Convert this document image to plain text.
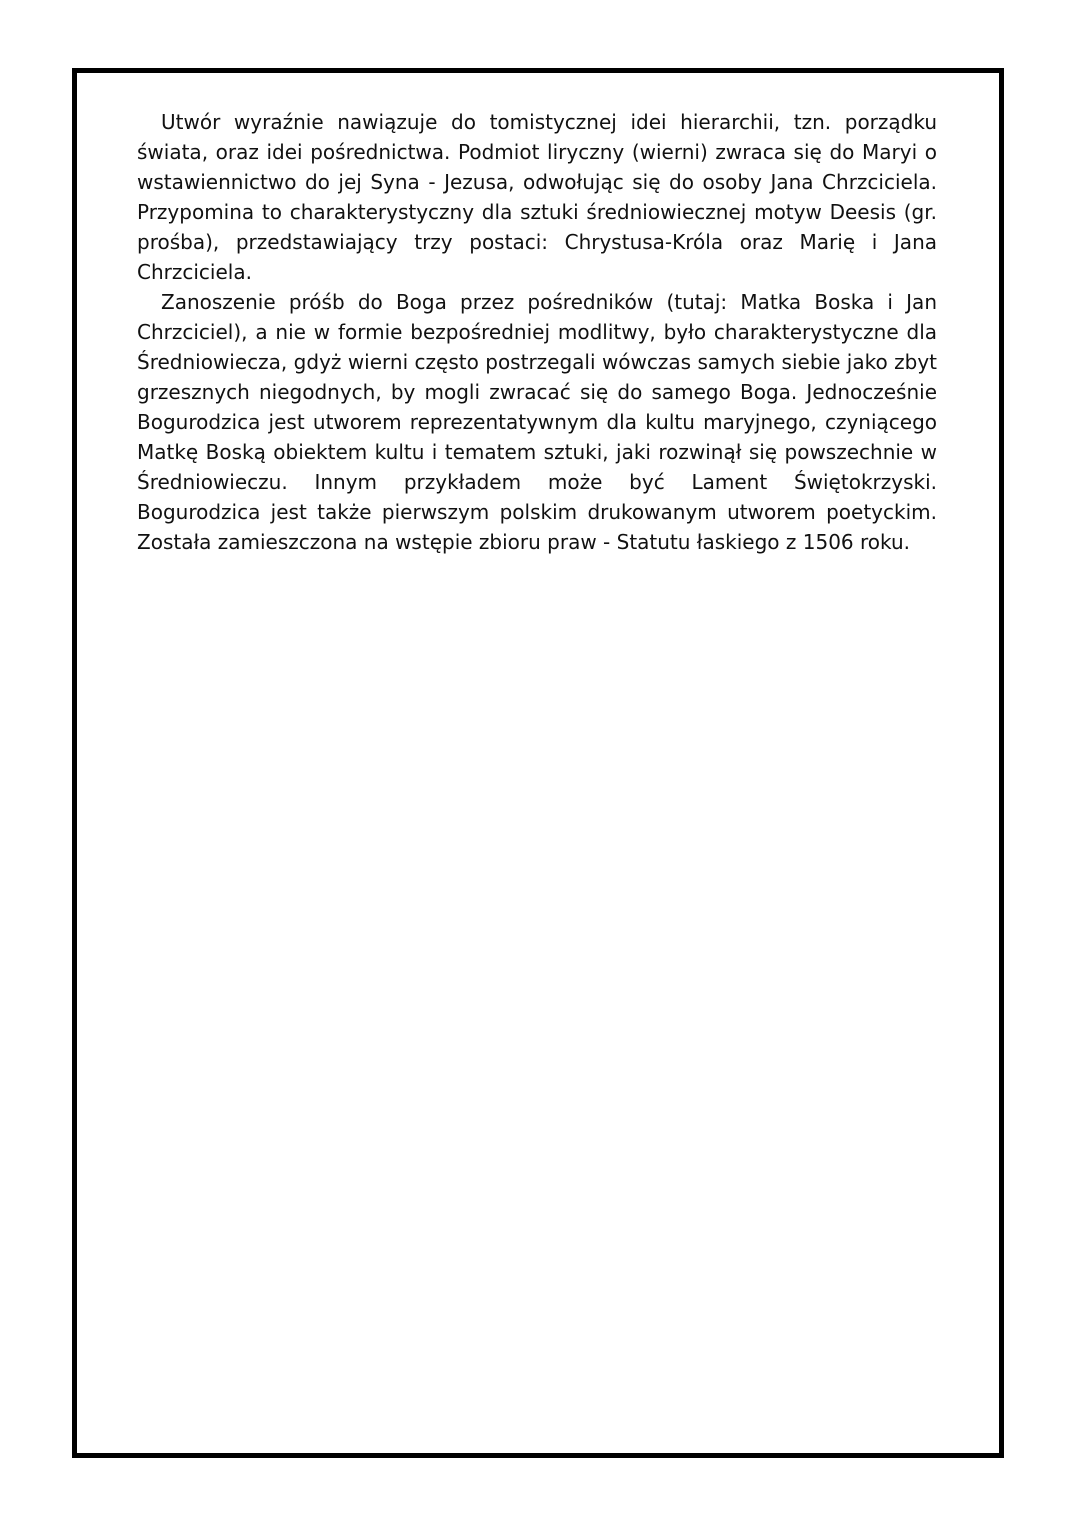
Utwór wyraźnie nawiązuje do tomistycznej idei hierarchii, tzn. porządku świata, oraz idei pośrednictwa. Podmiot liryczny (wierni) zwraca się do Maryi o wstawiennictwo do jej Syna - Jezusa, odwołując się do osoby Jana Chrzciciela. Przypomina to charakterystyczny dla sztuki średniowiecznej motyw Deesis (gr. prośba), przedstawiający trzy postaci: Chrystusa-Króla oraz Marię i Jana Chrzciciela.

Zanoszenie próśb do Boga przez pośredników (tutaj: Matka Boska i Jan Chrzciciel), a nie w formie bezpośredniej modlitwy, było charakterystyczne dla Średniowiecza, gdyż wierni często postrzegali wówczas samych siebie jako zbyt grzesznych niegodnych, by mogli zwracać się do samego Boga. Jednocześnie Bogurodzica jest utworem reprezentatywnym dla kultu maryjnego, czyniącego Matkę Boską obiektem kultu i tematem sztuki, jaki rozwinął się powszechnie w Średniowieczu. Innym przykładem może być Lament Świętokrzyski. Bogurodzica jest także pierwszym polskim drukowanym utworem poetyckim. Została zamieszczona na wstępie zbioru praw - Statutu łaskiego z 1506 roku.
